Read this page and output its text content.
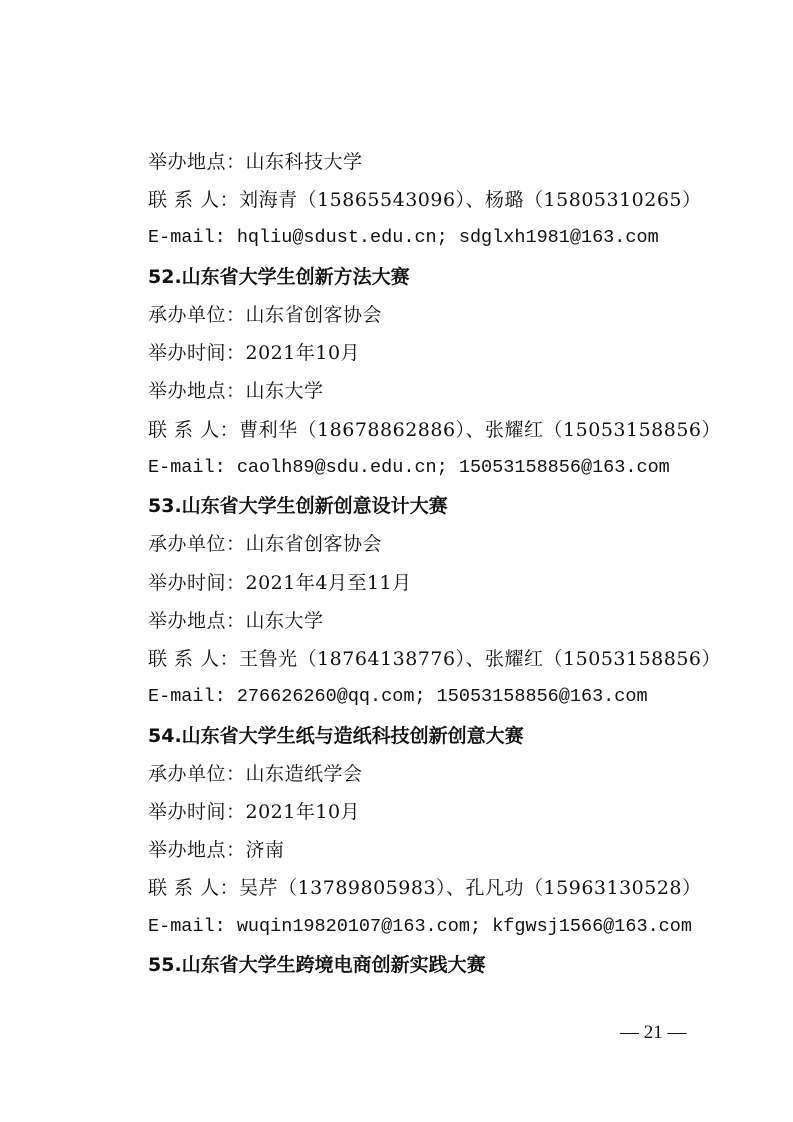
举办地点：山东科技大学
联 系 人：刘海青（15865543096）、杨璐（15805310265）
E-mail: hqliu@sdust.edu.cn; sdglxh1981@163.com
52.山东省大学生创新方法大赛
承办单位：山东省创客协会
举办时间：2021年10月
举办地点：山东大学
联 系 人：曹利华（18678862886）、张耀红（15053158856）
E-mail: caolh89@sdu.edu.cn; 15053158856@163.com
53.山东省大学生创新创意设计大赛
承办单位：山东省创客协会
举办时间：2021年4月至11月
举办地点：山东大学
联 系 人：王鲁光（18764138776）、张耀红（15053158856）
E-mail: 276626260@qq.com; 15053158856@163.com
54.山东省大学生纸与造纸科技创新创意大赛
承办单位：山东造纸学会
举办时间：2021年10月
举办地点：济南
联 系 人：吴芹（13789805983）、孔凡功（15963130528）
E-mail: wuqin19820107@163.com; kfgwsj1566@163.com
55.山东省大学生跨境电商创新实践大赛
— 21 —
